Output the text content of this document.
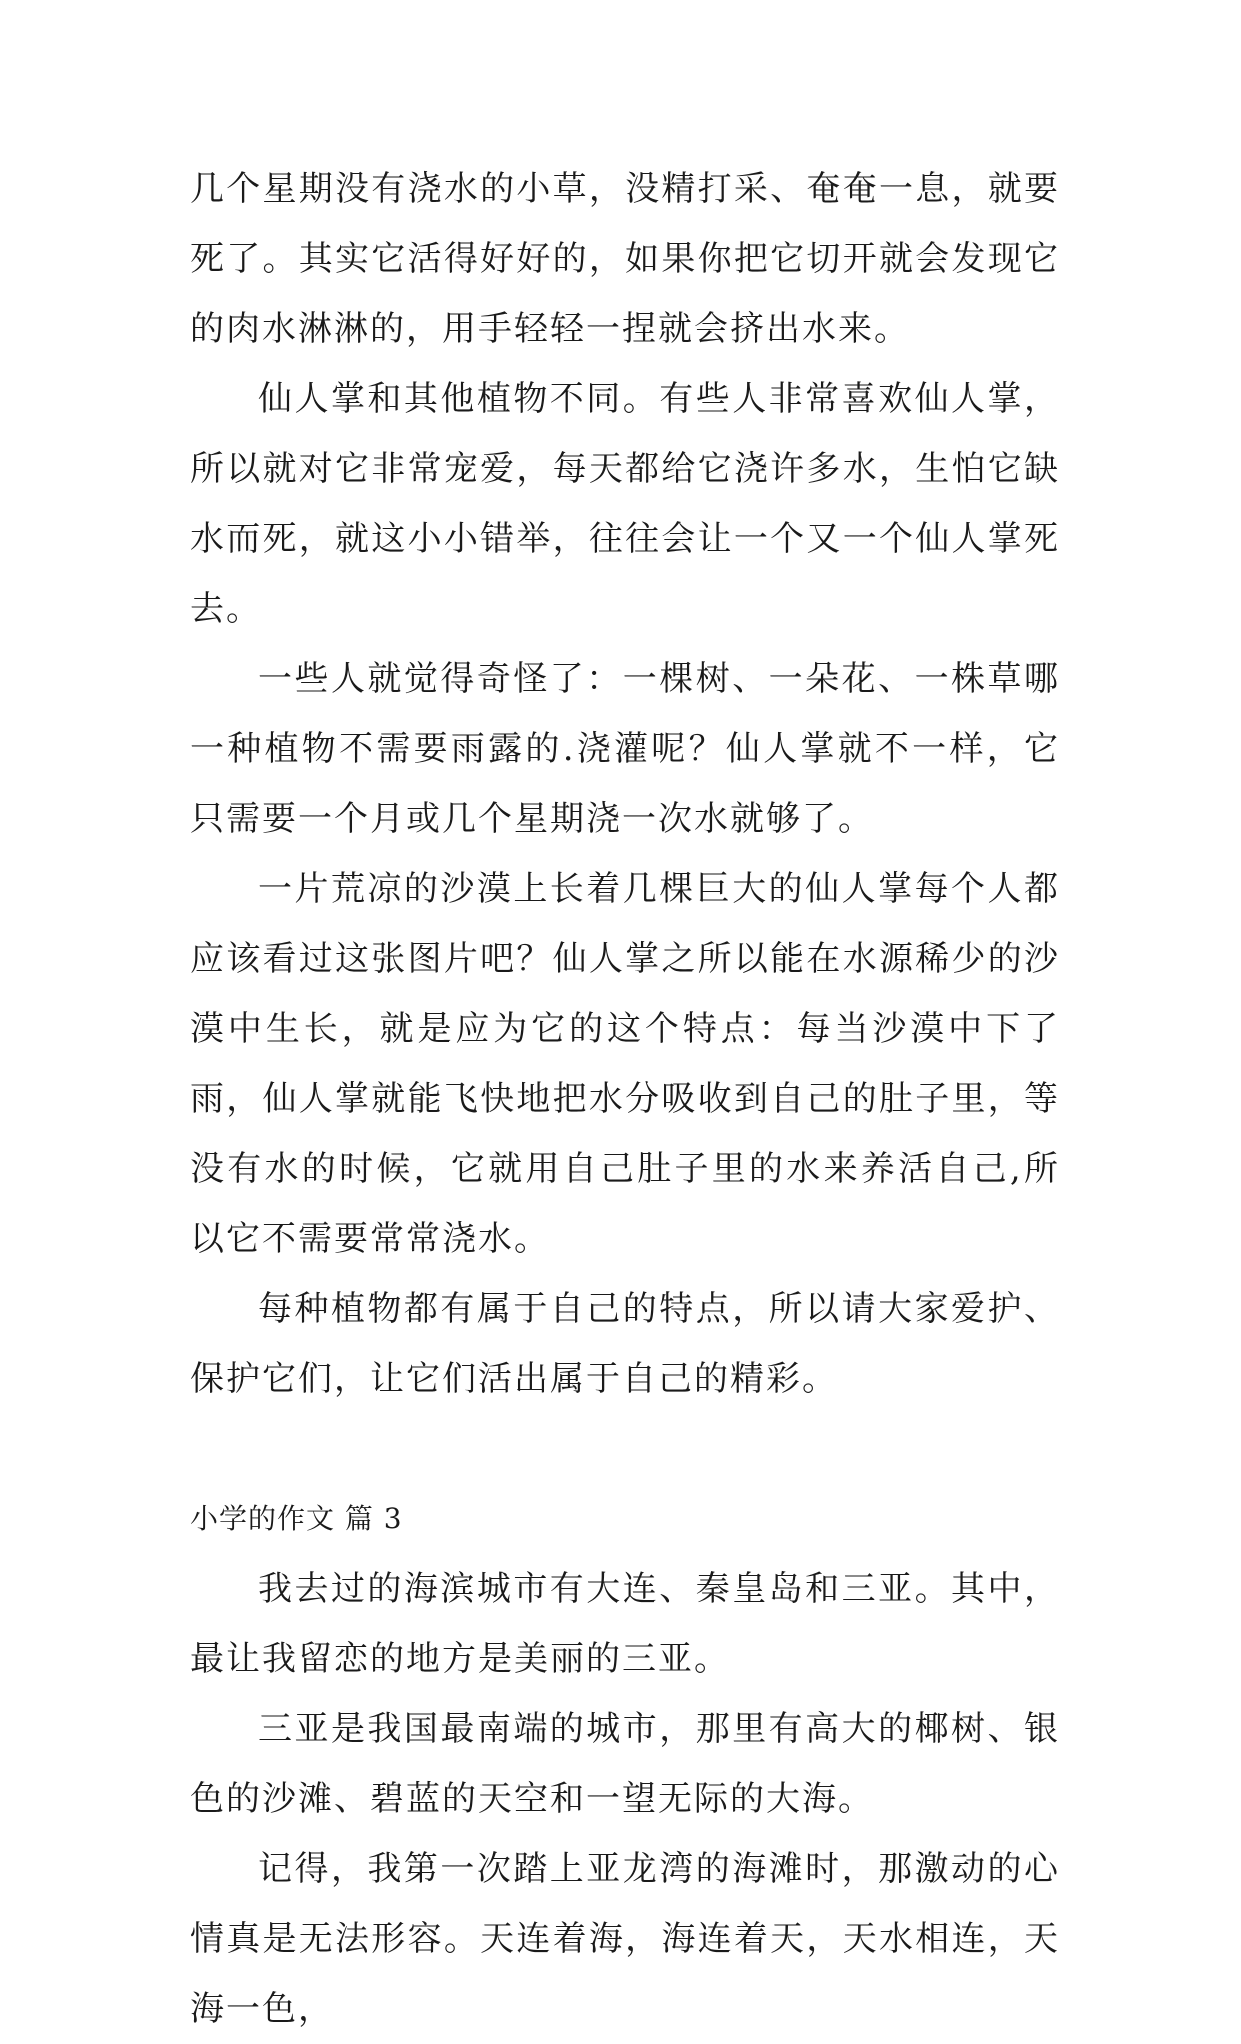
几个星期没有浇水的小草，没精打采、奄奄一息，就要死了。其实它活得好好的，如果你把它切开就会发现它的肉水淋淋的，用手轻轻一捏就会挤出水来。

仙人掌和其他植物不同。有些人非常喜欢仙人掌，所以就对它非常宠爱，每天都给它浇许多水，生怕它缺水而死，就这小小错举，往往会让一个又一个仙人掌死去。

一些人就觉得奇怪了：一棵树、一朵花、一株草哪一种植物不需要雨露的.浇灌呢？仙人掌就不一样，它只需要一个月或几个星期浇一次水就够了。

一片荒凉的沙漠上长着几棵巨大的仙人掌每个人都应该看过这张图片吧？仙人掌之所以能在水源稀少的沙漠中生长，就是应为它的这个特点：每当沙漠中下了雨，仙人掌就能飞快地把水分吸收到自己的肚子里，等没有水的时候，它就用自己肚子里的水来养活自己,所以它不需要常常浇水。

每种植物都有属于自己的特点，所以请大家爱护、保护它们，让它们活出属于自己的精彩。

小学的作文 篇 3

我去过的海滨城市有大连、秦皇岛和三亚。其中，最让我留恋的地方是美丽的三亚。

三亚是我国最南端的城市，那里有高大的椰树、银色的沙滩、碧蓝的天空和一望无际的大海。

记得，我第一次踏上亚龙湾的海滩时，那激动的心情真是无法形容。天连着海，海连着天，天水相连，天海一色，
